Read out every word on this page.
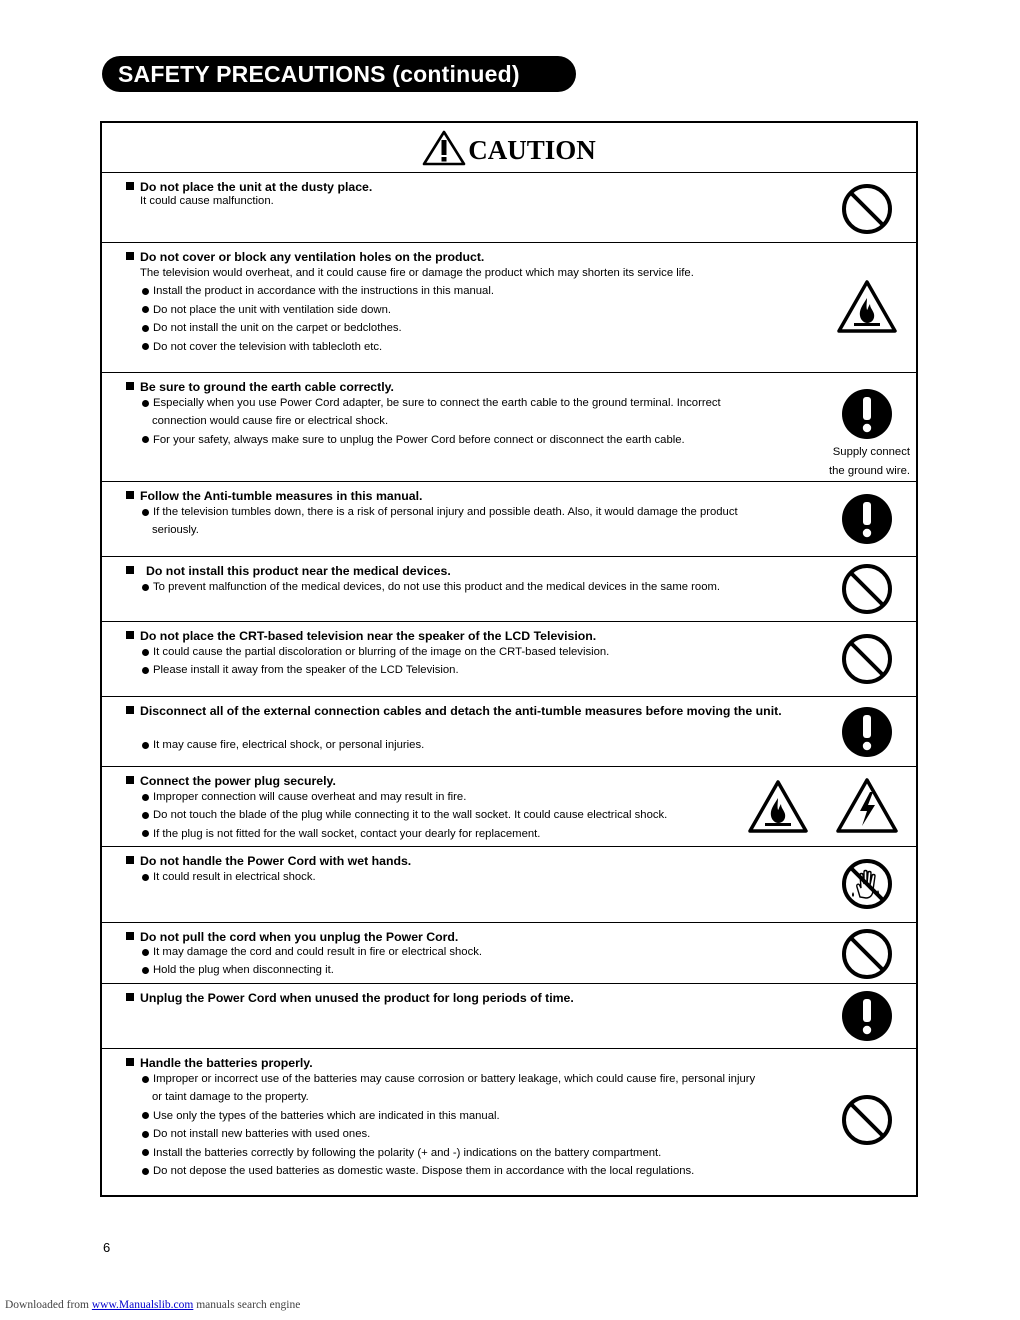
SAFETY PRECAUTIONS (continued)
CAUTION
Do not place the unit at the dusty place.
It could cause malfunction.
Do not cover or block any ventilation holes on the product.
The television would overheat, and it could cause fire or damage the product which may shorten its service life.
Install the product in accordance with the instructions in this manual.
Do not place the unit with ventilation side down.
Do not install the unit on the carpet or bedclothes.
Do not cover the television with tablecloth etc.
Be sure to ground the earth cable correctly.
Especially when you use Power Cord adapter, be sure to connect the earth cable to the ground terminal. Incorrect
connection would cause fire or electrical shock.
For your safety, always make sure to unplug the Power Cord before connect or disconnect the earth cable.
Supply connect
the ground wire.
Follow the Anti-tumble measures in this manual.
If the television tumbles down, there is a risk of personal injury and possible death. Also, it would damage the product
seriously.
Do not install this product near the medical devices.
To prevent malfunction of the medical devices, do not use this product and the medical devices in the same room.
Do not place the CRT-based television near the speaker of the LCD Television.
It could cause the partial discoloration or blurring of the image on the CRT-based television.
Please install it away from the speaker of the LCD Television.
Disconnect all of the external connection cables and detach the anti-tumble measures before moving the unit.
It may cause fire, electrical shock, or personal injuries.
Connect the power plug securely.
Improper connection will cause overheat and may result in fire.
Do not touch the blade of the plug while connecting it to the wall socket. It could cause electrical shock.
If the plug is not fitted for the wall socket, contact your dearly for replacement.
Do not handle the Power Cord with wet hands.
It could result in electrical shock.
Do not pull the cord when you unplug the Power Cord.
It may damage the cord and could result in fire or electrical shock.
Hold the plug when disconnecting it.
Unplug the Power Cord when unused the product for long periods of time.
Handle the batteries properly.
Improper or incorrect use of the batteries may cause corrosion or battery leakage, which could cause fire, personal injury
or taint damage to the property.
Use only the types of the batteries which are indicated in this manual.
Do not install new batteries with used ones.
Install the batteries correctly by following the polarity (+ and -) indications on the battery compartment.
Do not depose the used batteries as domestic waste. Dispose them in accordance with the local regulations.
6
Downloaded from www.Manualslib.com manuals search engine
